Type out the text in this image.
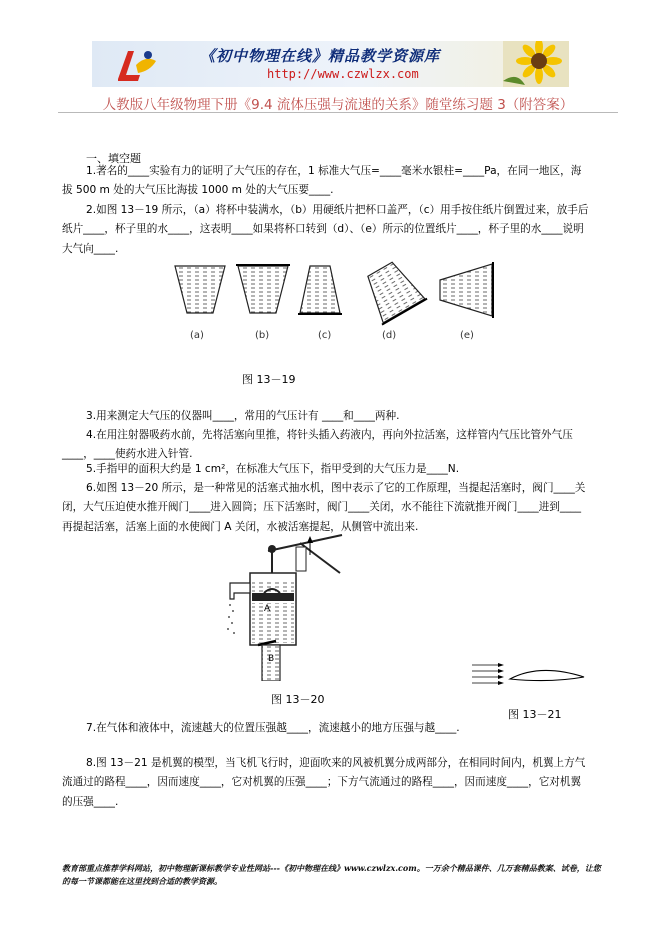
《初中物理在线》精品教学资源库
http://www.czwlzx.com
人教版八年级物理下册《9.4 流体压强与流速的关系》随堂练习题 3（附答案）
一、填空题
1.著名的____实验有力的证明了大气压的存在，1 标准大气压=____毫米水银柱=____Pa，在同一地区，海拔 500 m 处的大气压比海拔 1000 m 处的大气压要____.
2.如图 13－19 所示，（a）将杯中装满水，（b）用硬纸片把杯口盖严，（c）用手按住纸片倒置过来，放手后纸片____，杯子里的水____，这表明____如果将杯口转到（d）、（e）所示的位置纸片____，杯子里的水____说明大气向____.
(a)	(b)	(c)	(d)	(e)
图 13－19
3.用来测定大气压的仪器叫____，常用的气压计有 ____和____两种.
4.在用注射器吸药水前，先将活塞向里推，将针头插入药液内，再向外拉活塞，这样管内气压比管外气压____，____使药水进入针管.
5.手指甲的面积大约是 1 cm²，在标准大气压下，指甲受到的大气压力是____N.
6.如图 13－20 所示，是一种常见的活塞式抽水机，图中表示了它的工作原理，当提起活塞时，阀门____关闭，大气压迫使水推开阀门____进入圆筒；压下活塞时，阀门____关闭，水不能往下流就推开阀门____进到____再提起活塞，活塞上面的水使阀门 A 关闭，水被活塞提起，从侧管中流出来.
A
B
图 13－20
图 13－21
7.在气体和液体中，流速越大的位置压强越____，流速越小的地方压强与越____.
8.图 13－21 是机翼的模型，当飞机飞行时，迎面吹来的风被机翼分成两部分，在相同时间内，机翼上方气流通过的路程____，因而速度____，它对机翼的压强____；下方气流通过的路程____，因而速度____，它对机翼的压强____.
教育部重点推荐学科网站，初中物理新课标教学专业性网站---《初中物理在线》www.czwlzx.com。一万余个精品课件、几万套精品教案、试卷，让您的每一节课都能在这里找到合适的教学资源。
